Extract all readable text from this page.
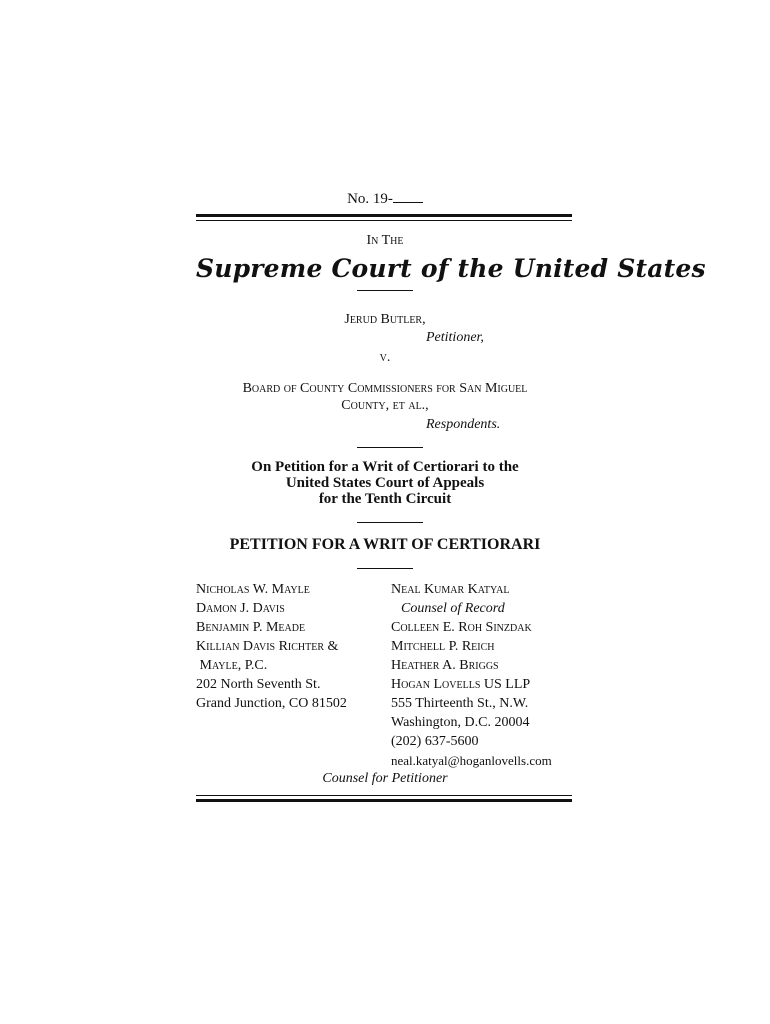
No. 19-
In The
Supreme Court of the United States
Jerud Butler,
Petitioner,
v.
Board of County Commissioners for San Miguel
County, et al.,
Respondents.
On Petition for a Writ of Certiorari to the
United States Court of Appeals
for the Tenth Circuit
PETITION FOR A WRIT OF CERTIORARI
Nicholas W. Mayle
Damon J. Davis
Benjamin P. Meade
Killian Davis Richter &
Mayle, P.C.
202 North Seventh St.
Grand Junction, CO 81502
Neal Kumar Katyal
Counsel of Record
Colleen E. Roh Sinzdak
Mitchell P. Reich
Heather A. Briggs
Hogan Lovells US LLP
555 Thirteenth St., N.W.
Washington, D.C. 20004
(202) 637-5600
neal.katyal@hoganlovells.com
Counsel for Petitioner
